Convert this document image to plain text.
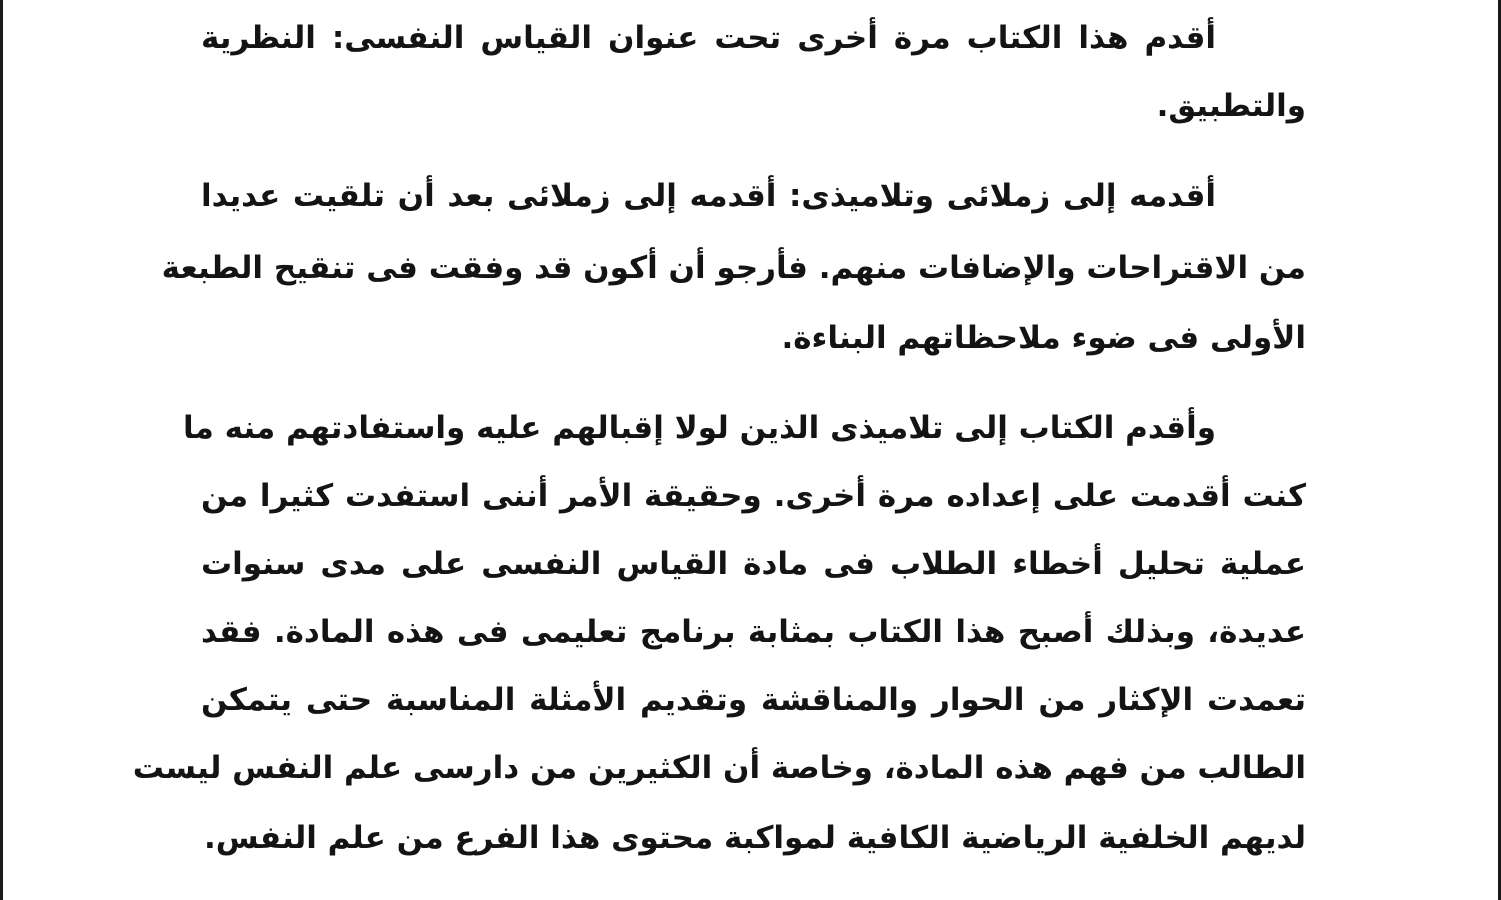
أقدم هذا الكتاب مرة أخرى تحت عنوان القياس النفسى: النظرية

والتطبيق.

أقدمه إلى زملائى وتلاميذى: أقدمه إلى زملائى بعد أن تلقيت عديدا

من الاقتراحات والإضافات منهم. فأرجو أن أكون قد وفقت فى تنقيح الطبعة

الأولى فى ضوء ملاحظاتهم البناءة.

وأقدم الكتاب إلى تلاميذى الذين لولا إقبالهم عليه واستفادتهم منه ما

كنت أقدمت على إعداده مرة أخرى. وحقيقة الأمر أننى استفدت كثيرا من

عملية تحليل أخطاء الطلاب فى مادة القياس النفسى على مدى سنوات

عديدة، وبذلك أصبح هذا الكتاب بمثابة برنامج تعليمى فى هذه المادة. فقد

تعمدت الإكثار من الحوار والمناقشة وتقديم الأمثلة المناسبة حتى يتمكن

الطالب من فهم هذه المادة، وخاصة أن الكثيرين من دارسى علم النفس ليست

لديهم الخلفية الرياضية الكافية لمواكبة محتوى هذا الفرع من علم النفس.
